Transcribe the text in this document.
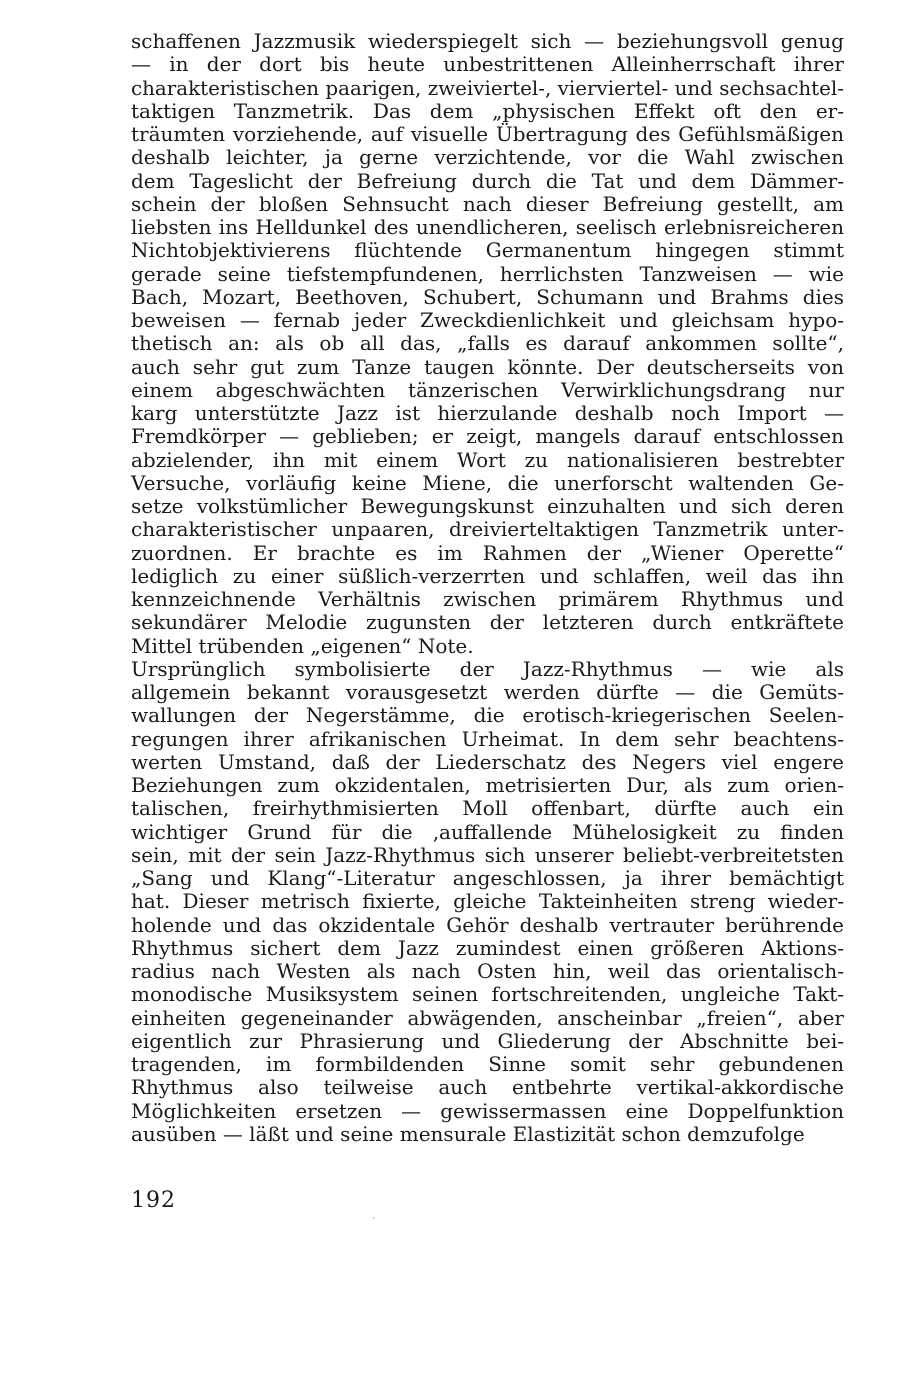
schaffenen Jazzmusik wiederspiegelt sich — beziehungsvoll genug
— in der dort bis heute unbestrittenen Alleinherrschaft ihrer
charakteristischen paarigen, zweiviertel-, vierviertel- und sechsachtel-
taktigen Tanzmetrik. Das dem „physischen Effekt oft den er-
träumten vorziehende, auf visuelle Übertragung des Gefühlsmäßigen
deshalb leichter, ja gerne verzichtende, vor die Wahl zwischen
dem Tageslicht der Befreiung durch die Tat und dem Dämmer-
schein der bloßen Sehnsucht nach dieser Befreiung gestellt, am
liebsten ins Helldunkel des unendlicheren, seelisch erlebnisreicheren
Nichtobjektivierens flüchtende Germanentum hingegen stimmt
gerade seine tiefstempfundenen, herrlichsten Tanzweisen — wie
Bach, Mozart, Beethoven, Schubert, Schumann und Brahms dies
beweisen — fernab jeder Zweckdienlichkeit und gleichsam hypo-
thetisch an: als ob all das, „falls es darauf ankommen sollte“,
auch sehr gut zum Tanze taugen könnte. Der deutscherseits von
einem abgeschwächten tänzerischen Verwirklichungsdrang nur
karg unterstützte Jazz ist hierzulande deshalb noch Import —
Fremdkörper — geblieben; er zeigt, mangels darauf entschlossen
abzielender, ihn mit einem Wort zu nationalisieren bestrebter
Versuche, vorläufig keine Miene, die unerforscht waltenden Ge-
setze volkstümlicher Bewegungskunst einzuhalten und sich deren
charakteristischer unpaaren, dreivierteltaktigen Tanzmetrik unter-
zuordnen. Er brachte es im Rahmen der „Wiener Operette“
lediglich zu einer süßlich-verzerrten und schlaffen, weil das ihn
kennzeichnende Verhältnis zwischen primärem Rhythmus und
sekundärer Melodie zugunsten der letzteren durch entkräftete
Mittel trübenden „eigenen“ Note.
Ursprünglich symbolisierte der Jazz-Rhythmus — wie als
allgemein bekannt vorausgesetzt werden dürfte — die Gemüts-
wallungen der Negerstämme, die erotisch-kriegerischen Seelen-
regungen ihrer afrikanischen Urheimat. In dem sehr beachtens-
werten Umstand, daß der Liederschatz des Negers viel engere
Beziehungen zum okzidentalen, metrisierten Dur, als zum orien-
talischen, freirhythmisierten Moll offenbart, dürfte auch ein
wichtiger Grund für die ‚auffallende Mühelosigkeit zu finden
sein, mit der sein Jazz-Rhythmus sich unserer beliebt-verbreitetsten
„Sang und Klang“-Literatur angeschlossen, ja ihrer bemächtigt
hat. Dieser metrisch fixierte, gleiche Takteinheiten streng wieder-
holende und das okzidentale Gehör deshalb vertrauter berührende
Rhythmus sichert dem Jazz zumindest einen größeren Aktions-
radius nach Westen als nach Osten hin, weil das orientalisch-
monodische Musiksystem seinen fortschreitenden, ungleiche Takt-
einheiten gegeneinander abwägenden, anscheinbar „freien“, aber
eigentlich zur Phrasierung und Gliederung der Abschnitte bei-
tragenden, im formbildenden Sinne somit sehr gebundenen
Rhythmus also teilweise auch entbehrte vertikal-akkordische
Möglichkeiten ersetzen — gewissermassen eine Doppelfunktion
ausüben — läßt und seine mensurale Elastizität schon demzufolge
192
·
